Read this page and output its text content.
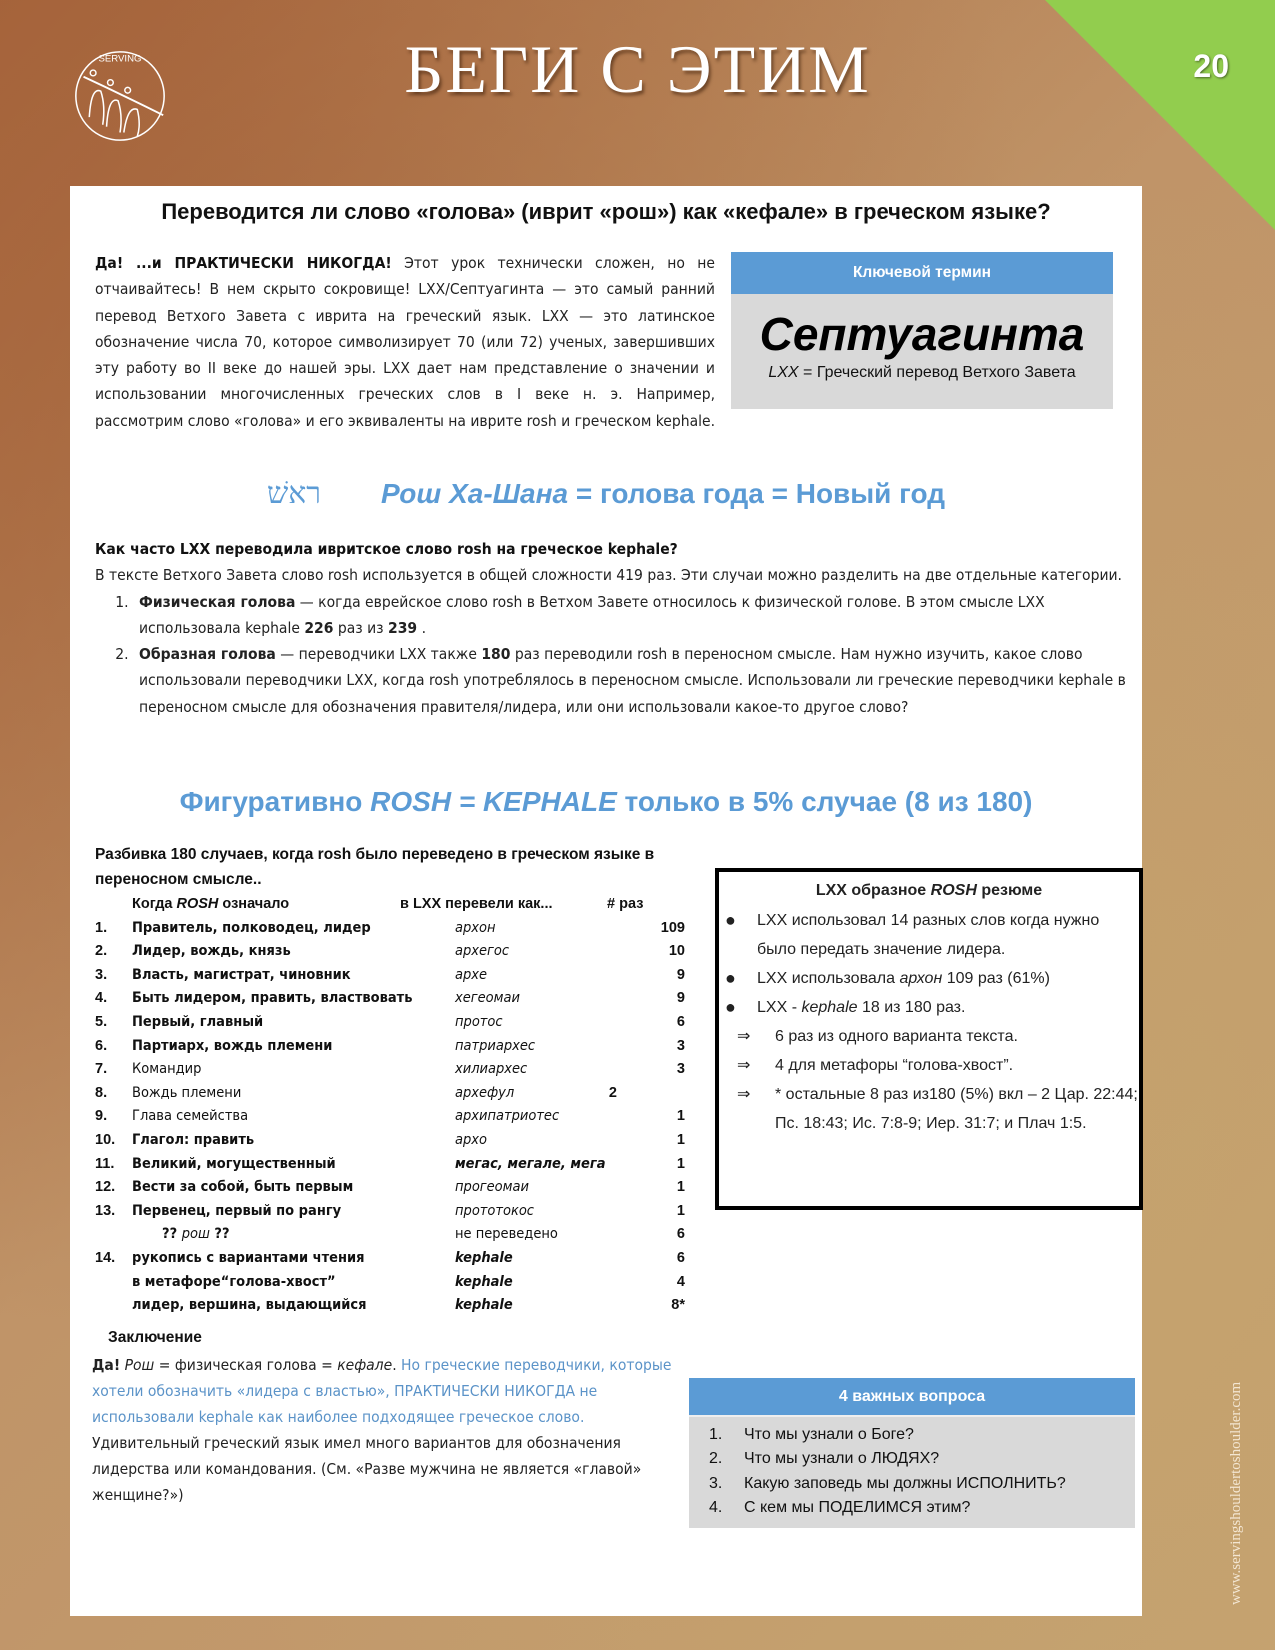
20
SERVING	БЕГИ С ЭТИМ
Переводится ли слово «голова» (иврит «рош») как «кефале» в греческом языке?
Да! ...и ПРАКТИЧЕСКИ НИКОГДА! Этот урок технически сложен, но не отчаивайтесь! В нем скрыто сокровище! LXX/Септуагинта — это самый ранний перевод Ветхого Завета с иврита на греческий язык. LXX — это латинское обозначение числа 70, которое символизирует 70 (или 72) ученых, завершивших эту работу во II веке до нашей эры. LXX дает нам представление о значении и использовании многочисленных греческих слов в I веке н. э. Например, рассмотрим слово «голова» и его эквиваленты на иврите rosh и греческом kephale.
Ключевой термин
Септуагинта
LXX = Греческий перевод Ветхого Завета
ראשׁ Рош Ха-Шана = голова года = Новый год
Как часто LXX переводила ивритское слово rosh на греческое kephale?
В тексте Ветхого Завета слово rosh используется в общей сложности 419 раз. Эти случаи можно разделить на две отдельные категории.
1. Физическая голова — когда еврейское слово rosh в Ветхом Завете относилось к физической голове. В этом смысле LXX использовала kephale 226 раз из 239 .
2. Образная голова — переводчики LXX также 180 раз переводили rosh в переносном смысле. Нам нужно изучить, какое слово использовали переводчики LXX, когда rosh употреблялось в переносном смысле. Использовали ли греческие переводчики kephale в переносном смысле для обозначения правителя/лидера, или они использовали какое-то другое слово?
Фигуративно ROSH = KEPHALE только в 5% случае (8 из 180)
Разбивка 180 случаев, когда rosh было переведено в греческом языке в переносном смысле..
Когда ROSH означало	в LXX перевели как...	# раз
1. Правитель, полководец, лидер	архон	109
2. Лидер, вождь, князь	архегос	10
3. Власть, магистрат, чиновник	архе	9
4. Быть лидером, править, властвовать	хегеомаи	9
5. Первый, главный	протос	6
6. Партиарх, вождь племени	патриархес	3
7. Командир	хилиархес	3
8. Вождь племени	архефул	2
9. Глава семейства	архипатриотес	1
10. Глагол: править	архо	1
11. Великий, могущественный	мегас, мегале, мега	1
12. Вести за собой, быть первым	прогеомаи	1
13. Первенец, первый по рангу	прототокос	1
?? рош ??	не переведено	6
14. рукопись с вариантами чтения	kephale	6
в метафоре“голова-хвост”	kephale	4
лидер, вершина, выдающийся	kephale	8*
Заключение
Да! Рош = физическая голова = кефале. Но греческие переводчики, которые хотели обозначить «лидера с властью», ПРАКТИЧЕСКИ НИКОГДА не использовали kephale как наиболее подходящее греческое слово. Удивительный греческий язык имел много вариантов для обозначения лидерства или командования. (См. «Разве мужчина не является «главой» женщине?»)
LXX образное ROSH резюме
● LXX использовал 14 разных слов когда нужно было передать значение лидера.
● LXX использовала архон 109 раз (61%)
● LXX - kephale 18 из 180 раз.
⇒ 6 раз из одного варианта текста.
⇒ 4 для метафоры “голова-хвост”.
⇒ * остальные 8 раз из180 (5%) вкл – 2 Цар. 22:44; Пс. 18:43; Ис. 7:8-9; Иер. 31:7; и Плач 1:5.
4 важных вопроса
1. Что мы узнали о Боге?
2. Что мы узнали о ЛЮДЯХ?
3. Какую заповедь мы должны ИСПОЛНИТЬ?
4. С кем мы ПОДЕЛИМСЯ этим?	www.servingshouldertoshoulder.com
